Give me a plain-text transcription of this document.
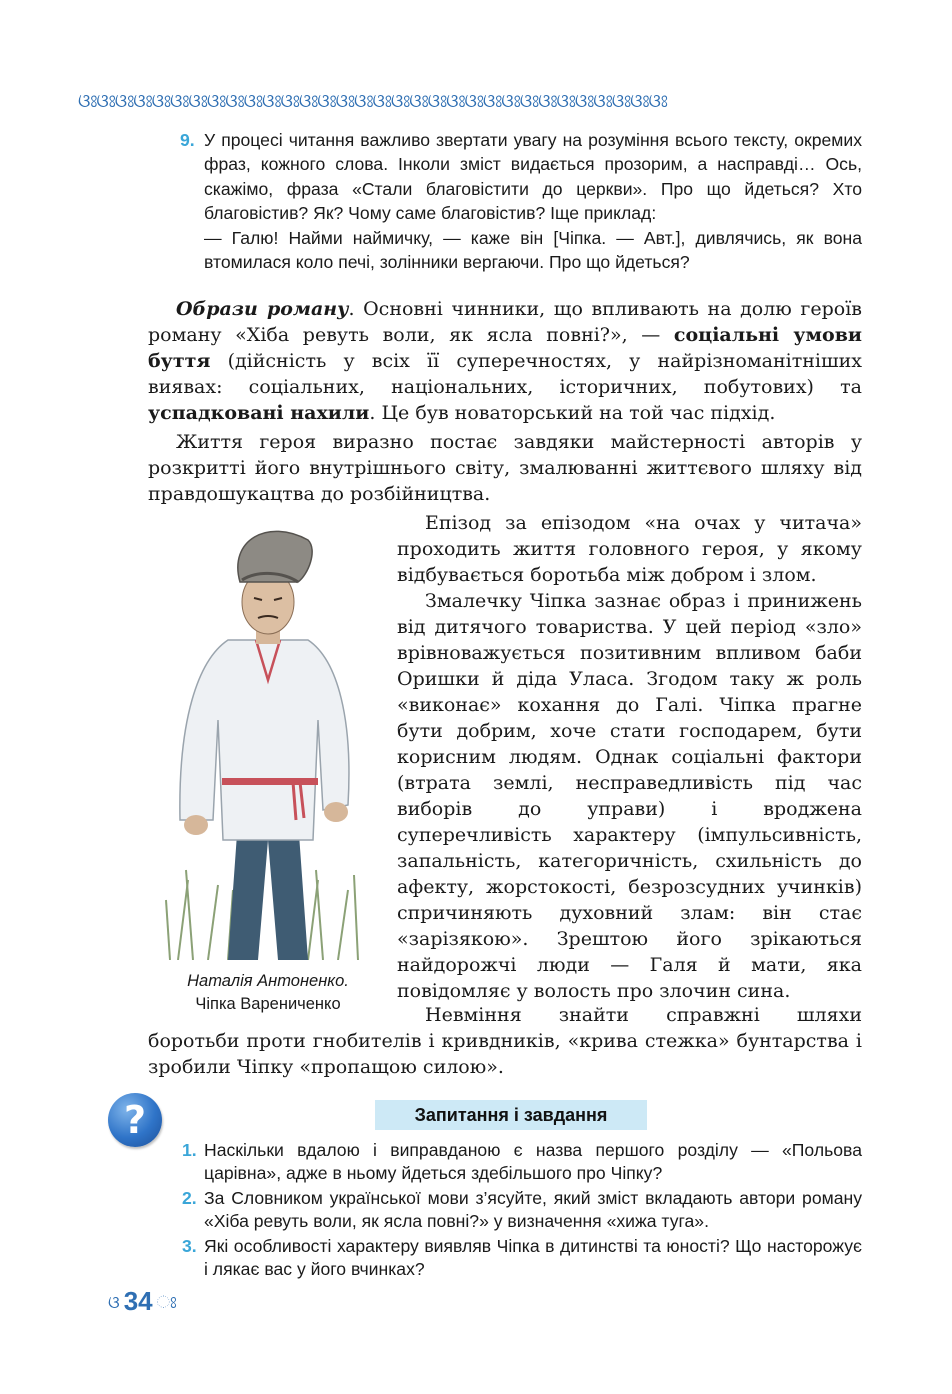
ଓଃଓଃଓଃଓଃଓଃଓଃଓଃଓଃଓଃଓଃଓଃଓଃଓଃଓଃଓଃଓଃଓଃଓଃଓଃଓଃଓଃଓଃଓଃଓଃଓଃଓଃଓଃଓଃଓଃଓଃଓଃଓଃ
9. У процесі читання важливо звертати увагу на розуміння всього тексту, окремих фраз, кожного слова. Інколи зміст видається прозорим, а насправді… Ось, скажімо, фраза «Стали благовістити до церкви». Про що йдеться? Хто благовістив? Як? Чому саме благовістив? Іще приклад:

— Галю! Найми наймичку, — каже він [Чіпка. — Авт.], дивлячись, як вона втомилася коло печі, золінники вергаючи. Про що йдеться?

Образи роману. Основні чинники, що впливають на долю героїв роману «Хіба ревуть воли, як ясла повні?», — соціальні умови буття (дійсність у всіх її суперечностях, у найрізноманітніших виявах: соціальних, національних, історичних, побутових) та успадковані нахили. Це був новаторський на той час підхід.

Життя героя виразно постає завдяки майстерності авторів у розкритті його внутрішнього світу, змалюванні життєвого шляху від правдошукацтва до розбійництва.

Наталія Антоненко.
Чіпка Варениченко

Епізод за епізодом «на очах у читача» проходить життя головного героя, у якому відбувається боротьба між добром і злом.

Змалечку Чіпка зазнає образ і принижень від дитячого товариства. У цей період «зло» врівноважується позитивним впливом баби Оришки й діда Уласа. Згодом таку ж роль «виконає» кохання до Галі. Чіпка прагне бути добрим, хоче стати господарем, бути корисним людям. Однак соціальні фактори (втрата землі, несправедливість під час виборів до управи) і вроджена суперечливість характеру (імпульсивність, запальність, категоричність, схильність до афекту, жорстокості, безрозсудних учинків) спричиняють духовний злам: він стає «зарізякою». Зрештою його зрікаються найдорожчі люди — Галя й мати, яка повідомляє у волость про злочин сина.

Невміння знайти справжні шляхи боротьби проти гнобителів і кривдників, «крива стежка» бунтарства і зробили Чіпку «пропащою силою».

?	Запитання і завдання
1. Наскільки вдалою і виправданою є назва першого розділу — «Польова царівна», адже в ньому йдеться здебільшого про Чіпку?
2. За Словником української мови з’ясуйте, який зміст вкладають автори роману «Хіба ревуть воли, як ясла повні?» у визначення «хижа туга».
3. Які особливості характеру виявляв Чіпка в дитинстві та юності? Що насторожує і лякає вас у його вчинках?
ଓ 34 ଃ
